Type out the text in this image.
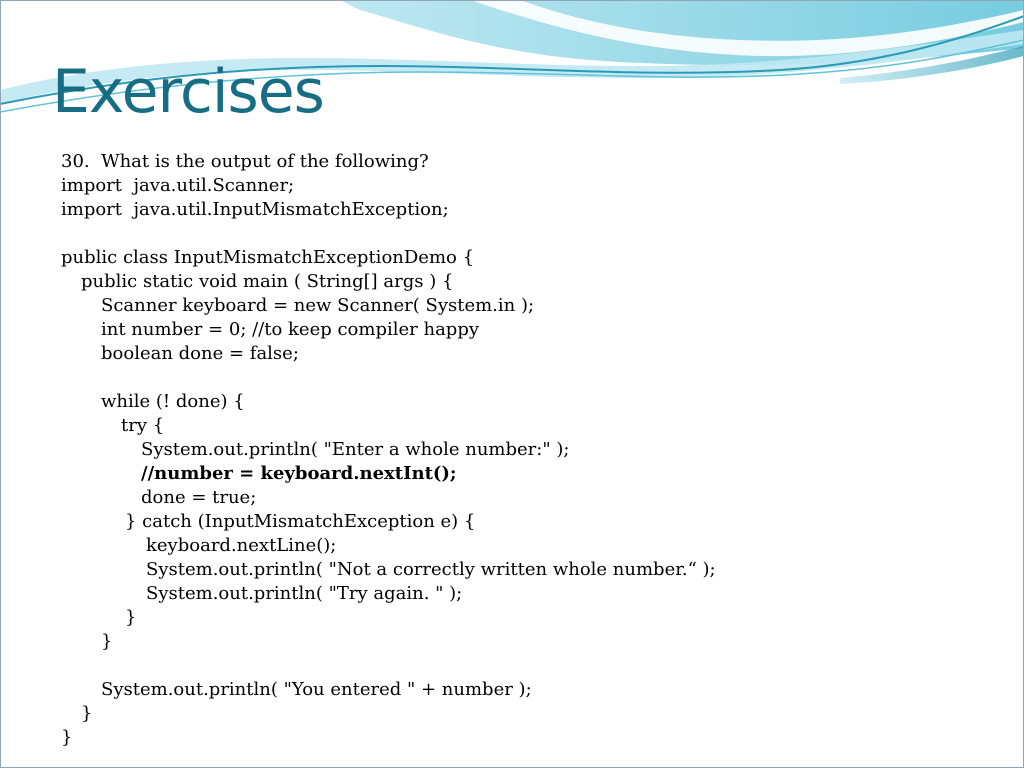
Exercises
30.  What is the output of the following?
import  java.util.Scanner;
import  java.util.InputMismatchException;
public class InputMismatchExceptionDemo {
public static void main ( String[] args ) {
Scanner keyboard = new Scanner( System.in );
int number = 0; //to keep compiler happy
boolean done = false;
while (! done) {
try {
System.out.println( "Enter a whole number:" );
//number = keyboard.nextInt();
done = true;
} catch (InputMismatchException e) {
keyboard.nextLine();
System.out.println( "Not a correctly written whole number.“ );
System.out.println( "Try again. " );
}
}
System.out.println( "You entered " + number );
}
}
